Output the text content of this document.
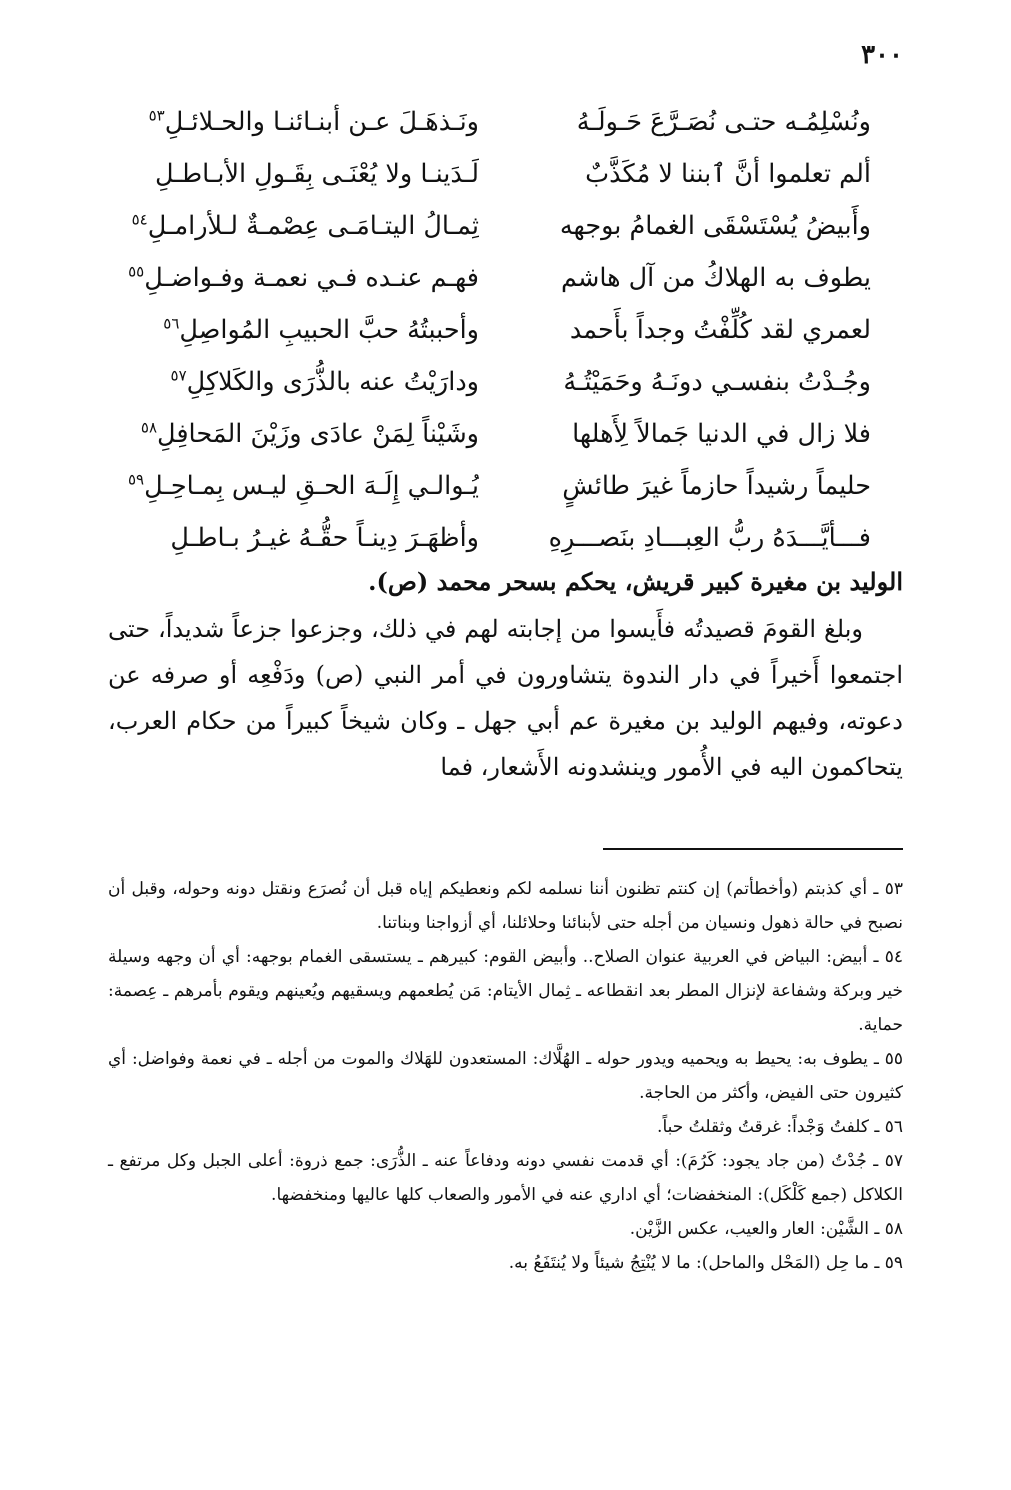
٣٠٠
ونُسْلِمُـه حتـى نُصَـرَّعَ حَـولَـهُ
ونَـذهَـلَ عـن أبنـائنـا والحـلائـلِ$^{٥٣}$
ألم تعلموا أنَّ ٱبننا لا مُكَذَّبٌ
لَـدَينـا ولا يُعْنَـى بِقَـولِ الأبـاطـلِ
وأَبيضُ يُسْتَسْقَى الغمامُ بوجهه
ثِمـالُ اليتـامَـى عِصْمـةٌ لـلأرامـلِ$^{٥٤}$
يطوف به الهلاكُ من آل هاشم
فهـم عنـده فـي نعمـة وفـواضـلِ$^{٥٥}$
لعمري لقد كُلِّفْتُ وجداً بأَحمد
وأحببتُهُ حبَّ الحبيبِ المُواصِلِ$^{٥٦}$
وجُـدْتُ بنفسـي دونَـهُ وحَمَيْتُـهُ
ودارَيْتُ عنه بالذُّرَى والكَلاكِلِ$^{٥٧}$
فلا زال في الدنيا جَمالاً لِأَهلها
وشَيْناً لِمَنْ عادَى وزَيْنَ المَحافِلِ$^{٥٨}$
حليماً رشيداً حازماً غيرَ طائشٍ
يُـوالـي إِلَـهَ الحـقِ ليـس بِمـاحِـلِ$^{٥٩}$
فـــأيَّـــدَهُ ربُّ العِبـــادِ بنَصـــرِهِ
وأظهَـرَ دِينـاً حقُّـهُ غيـرُ بـاطـلِ
الوليد بن مغيرة كبير قريش، يحكم بسحر محمد (ص).

وبلغ القومَ قصيدتُه فأَيسوا من إجابته لهم في ذلك، وجزعوا جزعاً شديداً، حتى اجتمعوا أَخيراً في دار الندوة يتشاورون في أمر النبي (ص) ودَفْعِه أو صرفه عن دعوته، وفيهم الوليد بن مغيرة عم أبي جهل ـ وكان شيخاً كبيراً من حكام العرب، يتحاكمون اليه في الأُمور وينشدونه الأَشعار، فما

٥٣ ـ أي كذبتم (وأخطأتم) إن كنتم تظنون أننا نسلمه لكم ونعطيكم إياه قبل أن نُصرَع ونقتل دونه وحوله، وقبل أن نصبح في حالة ذهول ونسيان من أجله حتى لأبنائنا وحلائلنا، أي أزواجنا وبناتنا.

٥٤ ـ أبيض: البياض في العربية عنوان الصلاح.. وأبيض القوم: كبيرهم ـ يستسقى الغمام بوجهه: أي أن وجهه وسيلة خير وبركة وشفاعة لإنزال المطر بعد انقطاعه ـ ثِمال الأيتام: مَن يُطعمهم ويسقيهم ويُعينهم ويقوم بأمرهم ـ عِصمة: حماية.

٥٥ ـ يطوف به: يحيط به ويحميه ويدور حوله ـ الهُلَّاك: المستعدون للهَلاك والموت من أجله ـ في نعمة وفواضل: أي كثيرون حتى الفيض، وأكثر من الحاجة.

٥٦ ـ كلفتُ وَجْداً: غرقتُ وثقلتُ حباً.

٥٧ ـ جُدْتُ (من جاد يجود: كَرُمَ): أي قدمت نفسي دونه ودفاعاً عنه ـ الذُّرَى: جمع ذروة: أعلى الجبل وكل مرتفع ـ الكلاكل (جمع كَلْكَل): المنخفضات؛ أي اداري عنه في الأمور والصعاب كلها عاليها ومنخفضها.

٥٨ ـ الشَّيْن: العار والعيب، عكس الزَّيْن.

٥٩ ـ ما حِل (المَحْل والماحل): ما لا يُنْتِجُ شيئاً ولا يُنتَفَعُ به.
